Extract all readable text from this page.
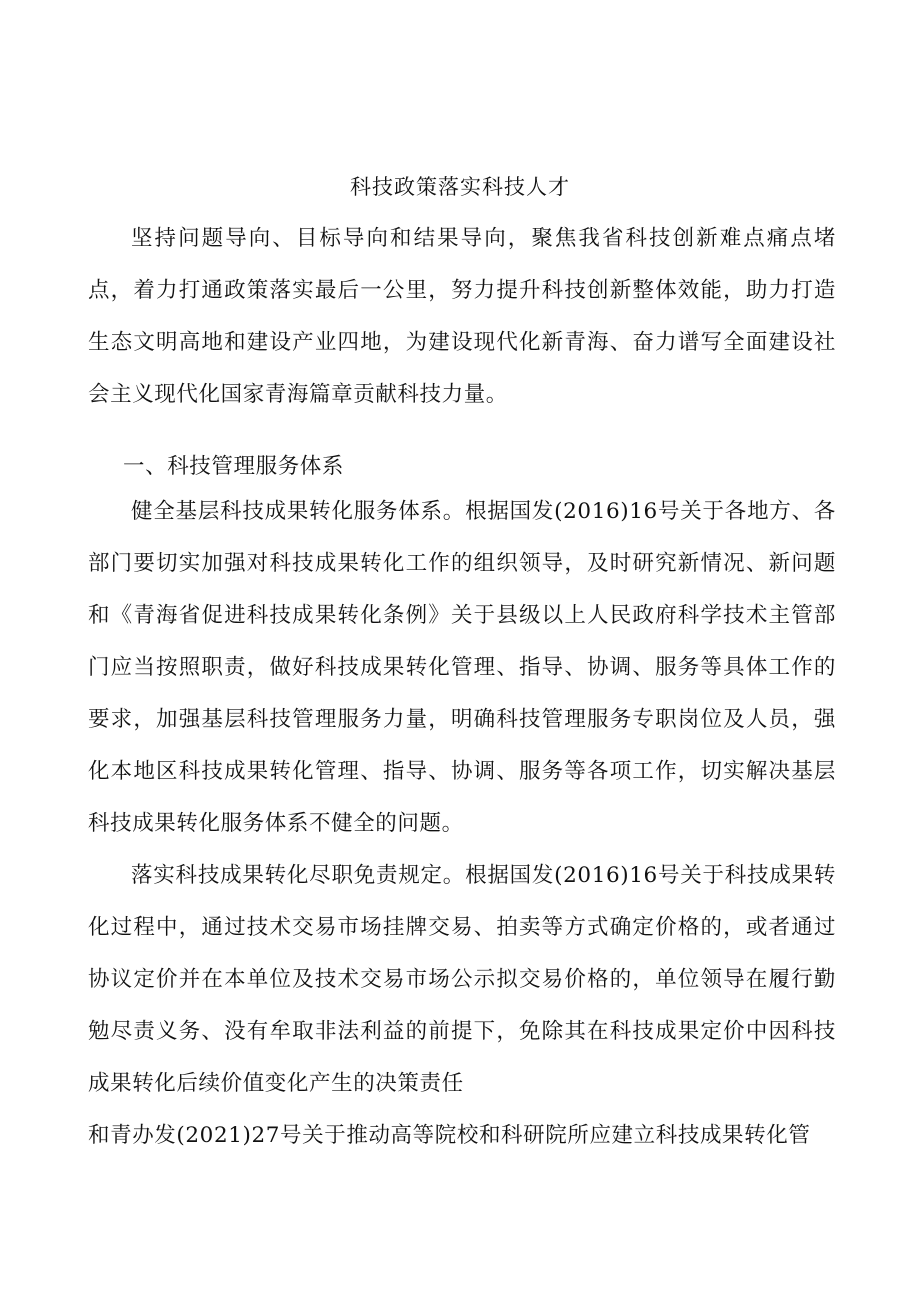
科技政策落实科技人才

坚持问题导向、目标导向和结果导向，聚焦我省科技创新难点痛点堵点，着力打通政策落实最后一公里，努力提升科技创新整体效能，助力打造生态文明高地和建设产业四地，为建设现代化新青海、奋力谱写全面建设社会主义现代化国家青海篇章贡献科技力量。

一、科技管理服务体系

健全基层科技成果转化服务体系。根据国发(2016)16号关于各地方、各部门要切实加强对科技成果转化工作的组织领导，及时研究新情况、新问题和《青海省促进科技成果转化条例》关于县级以上人民政府科学技术主管部门应当按照职责，做好科技成果转化管理、指导、协调、服务等具体工作的要求，加强基层科技管理服务力量，明确科技管理服务专职岗位及人员，强化本地区科技成果转化管理、指导、协调、服务等各项工作，切实解决基层科技成果转化服务体系不健全的问题。

落实科技成果转化尽职免责规定。根据国发(2016)16号关于科技成果转化过程中，通过技术交易市场挂牌交易、拍卖等方式确定价格的，或者通过协议定价并在本单位及技术交易市场公示拟交易价格的，单位领导在履行勤勉尽责义务、没有牟取非法利益的前提下，免除其在科技成果定价中因科技成果转化后续价值变化产生的决策责任

和青办发(2021)27号关于推动高等院校和科研院所应建立科技成果转化管
